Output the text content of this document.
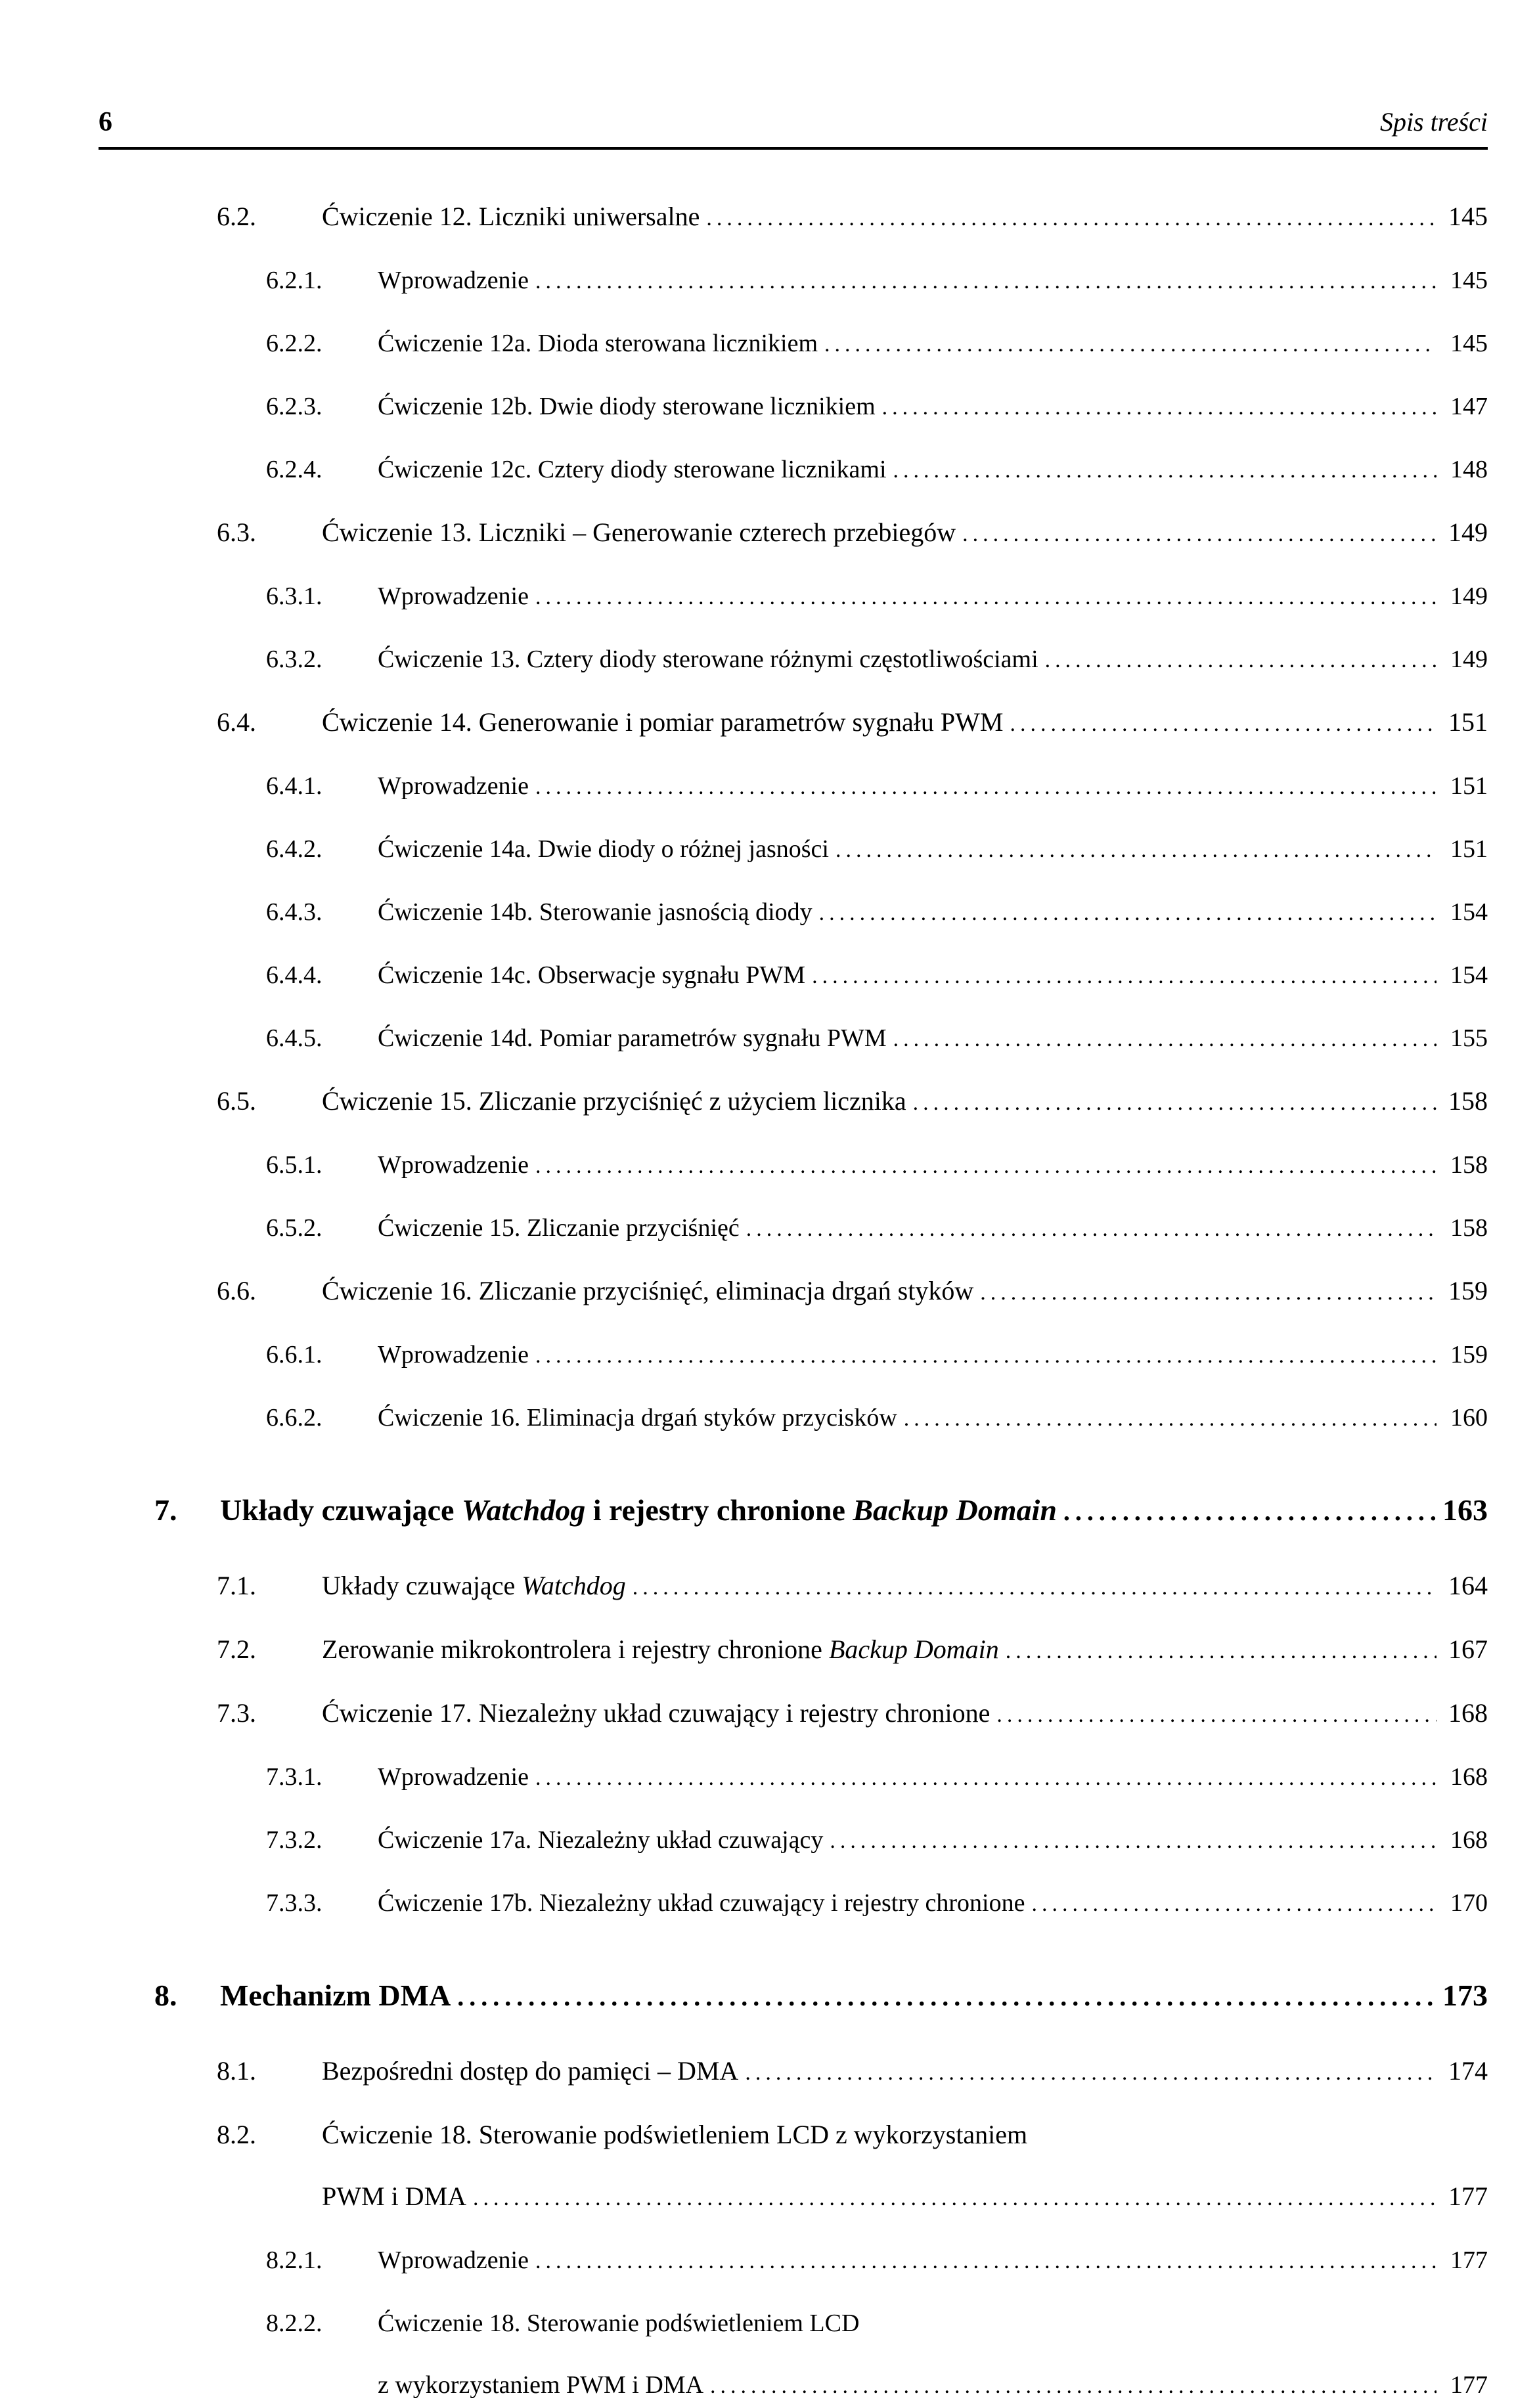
6	Spis treści
6.2.	Ćwiczenie 12. Liczniki uniwersalne .....	145
6.2.1. Wprowadzenie .....	145
6.2.2. Ćwiczenie 12a. Dioda sterowana licznikiem .....	145
6.2.3. Ćwiczenie 12b. Dwie diody sterowane licznikiem .....	147
6.2.4. Ćwiczenie 12c. Cztery diody sterowane licznikami .....	148
6.3.	Ćwiczenie 13. Liczniki – Generowanie czterech przebiegów .....	149
6.3.1. Wprowadzenie .....	149
6.3.2. Ćwiczenie 13. Cztery diody sterowane różnymi częstotliwościami .....	149
6.4.	Ćwiczenie 14. Generowanie i pomiar parametrów sygnału PWM .....	151
6.4.1. Wprowadzenie .....	151
6.4.2. Ćwiczenie 14a. Dwie diody o różnej jasności .....	151
6.4.3. Ćwiczenie 14b. Sterowanie jasnością diody .....	154
6.4.4. Ćwiczenie 14c. Obserwacje sygnału PWM .....	154
6.4.5. Ćwiczenie 14d. Pomiar parametrów sygnału PWM .....	155
6.5.	Ćwiczenie 15. Zliczanie przyciśnięć z użyciem licznika .....	158
6.5.1. Wprowadzenie .....	158
6.5.2. Ćwiczenie 15. Zliczanie przyciśnięć .....	158
6.6.	Ćwiczenie 16. Zliczanie przyciśnięć, eliminacja drgań styków .....	159
6.6.1. Wprowadzenie .....	159
6.6.2. Ćwiczenie 16. Eliminacja drgań styków przycisków .....	160
7. Układy czuwające Watchdog i rejestry chronione Backup Domain .....	163
7.1.	Układy czuwające Watchdog .....	164
7.2.	Zerowanie mikrokontrolera i rejestry chronione Backup Domain .....	167
7.3.	Ćwiczenie 17. Niezależny układ czuwający i rejestry chronione .....	168
7.3.1. Wprowadzenie .....	168
7.3.2. Ćwiczenie 17a. Niezależny układ czuwający .....	168
7.3.3. Ćwiczenie 17b. Niezależny układ czuwający i rejestry chronione .....	170
8. Mechanizm DMA .....	173
8.1.	Bezpośredni dostęp do pamięci – DMA .....	174
8.2.	Ćwiczenie 18. Sterowanie podświetleniem LCD z wykorzystaniem
PWM i DMA .....	177
8.2.1. Wprowadzenie .....	177
8.2.2. Ćwiczenie 18. Sterowanie podświetleniem LCD
z wykorzystaniem PWM i DMA .....	177
